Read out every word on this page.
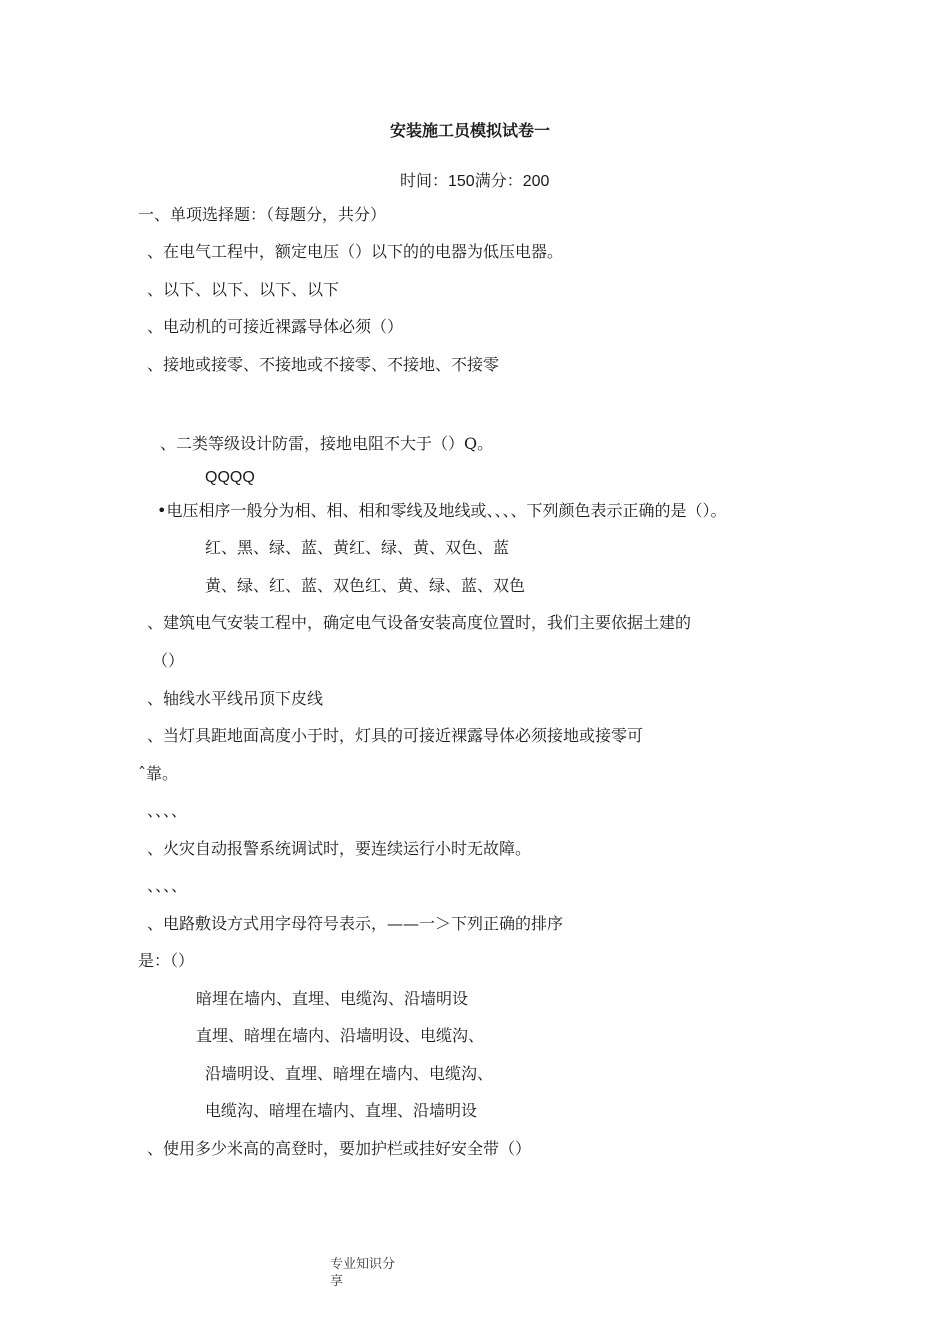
安装施工员模拟试卷一
时间：150满分：200
一、单项选择题：（每题分，共分）
、在电气工程中，额定电压（）以下的的电器为低压电器。
、以下、以下、以下、以下
、电动机的可接近裸露导体必须（）
、接地或接零、不接地或不接零、不接地、不接零
、二类等级设计防雷，接地电阻不大于（）Q。
QQQQ
•电压相序一般分为相、相、相和零线及地线或、、、、下列颜色表示正确的是（）。
红、黑、绿、蓝、黄红、绿、黄、双色、蓝
黄、绿、红、蓝、双色红、黄、绿、蓝、双色
、建筑电气安装工程中，确定电气设备安装高度位置时，我们主要依据土建的
（）
、轴线水平线吊顶下皮线
、当灯具距地面高度小于时，灯具的可接近裸露导体必须接地或接零可
ˆ靠。
、、、、
、火灾自动报警系统调试时，要连续运行小时无故障。
、、、、
、电路敷设方式用字母符号表示，——一＞下列正确的排序
是：（）
暗埋在墙内、直埋、电缆沟、沿墙明设
直埋、暗埋在墙内、沿墙明设、电缆沟、
沿墙明设、直埋、暗埋在墙内、电缆沟、
电缆沟、暗埋在墙内、直埋、沿墙明设
、使用多少米高的高登时，要加护栏或挂好安全带（）
专业知识分
享
